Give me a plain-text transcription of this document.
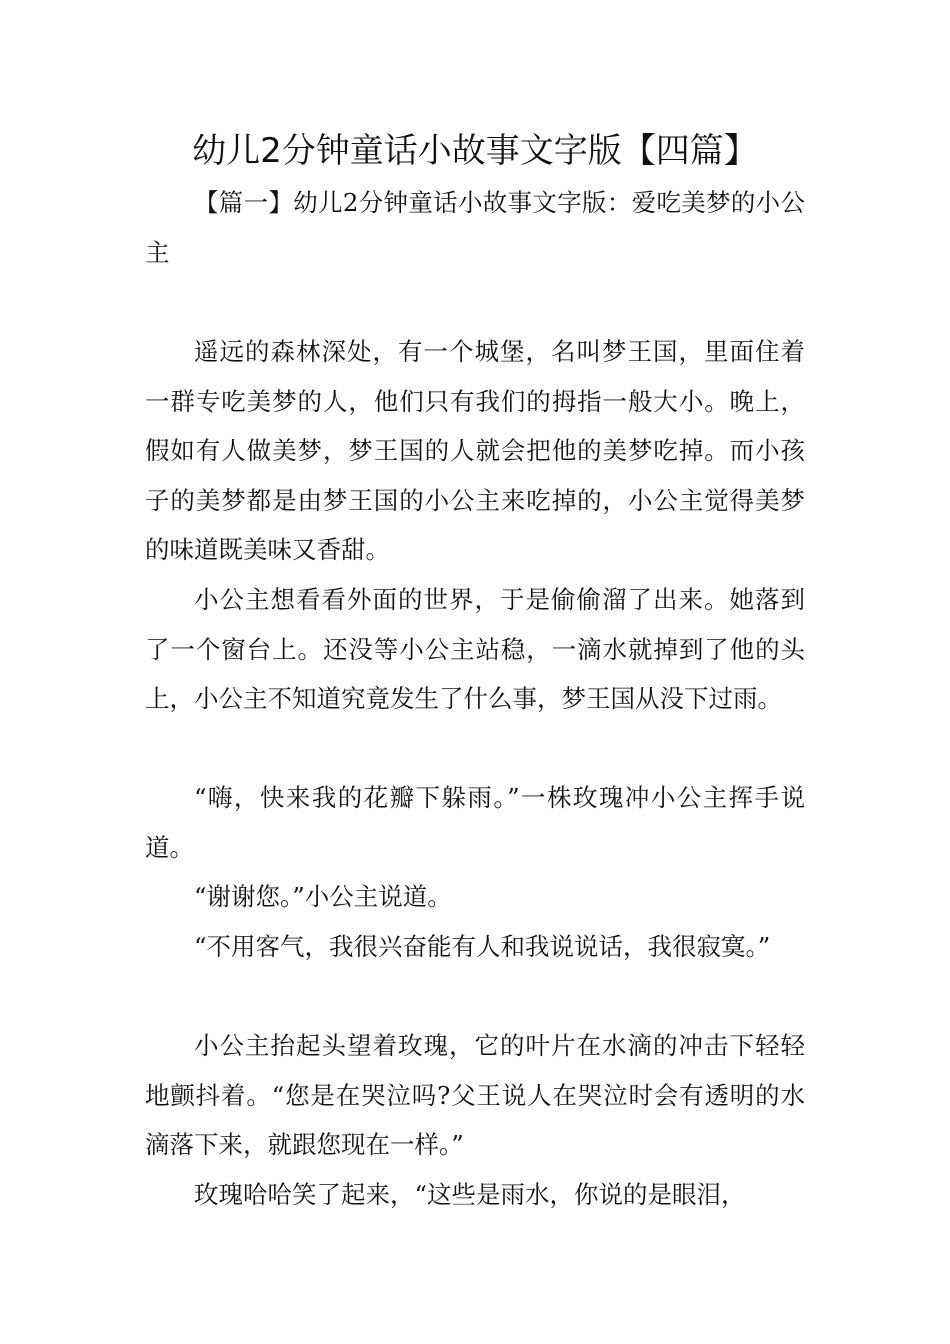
幼儿2分钟童话小故事文字版【四篇】

【篇一】幼儿2分钟童话小故事文字版：爱吃美梦的小公主

遥远的森林深处，有一个城堡，名叫梦王国，里面住着一群专吃美梦的人，他们只有我们的拇指一般大小。晚上，假如有人做美梦，梦王国的人就会把他的美梦吃掉。而小孩子的美梦都是由梦王国的小公主来吃掉的，小公主觉得美梦的味道既美味又香甜。

小公主想看看外面的世界，于是偷偷溜了出来。她落到了一个窗台上。还没等小公主站稳，一滴水就掉到了他的头上，小公主不知道究竟发生了什么事，梦王国从没下过雨。

“嗨，快来我的花瓣下躲雨。”一株玫瑰冲小公主挥手说道。

“谢谢您。”小公主说道。

“不用客气，我很兴奋能有人和我说说话，我很寂寞。”

小公主抬起头望着玫瑰，它的叶片在水滴的冲击下轻轻地颤抖着。“您是在哭泣吗?父王说人在哭泣时会有透明的水滴落下来，就跟您现在一样。”

玫瑰哈哈笑了起来，“这些是雨水，你说的是眼泪，
